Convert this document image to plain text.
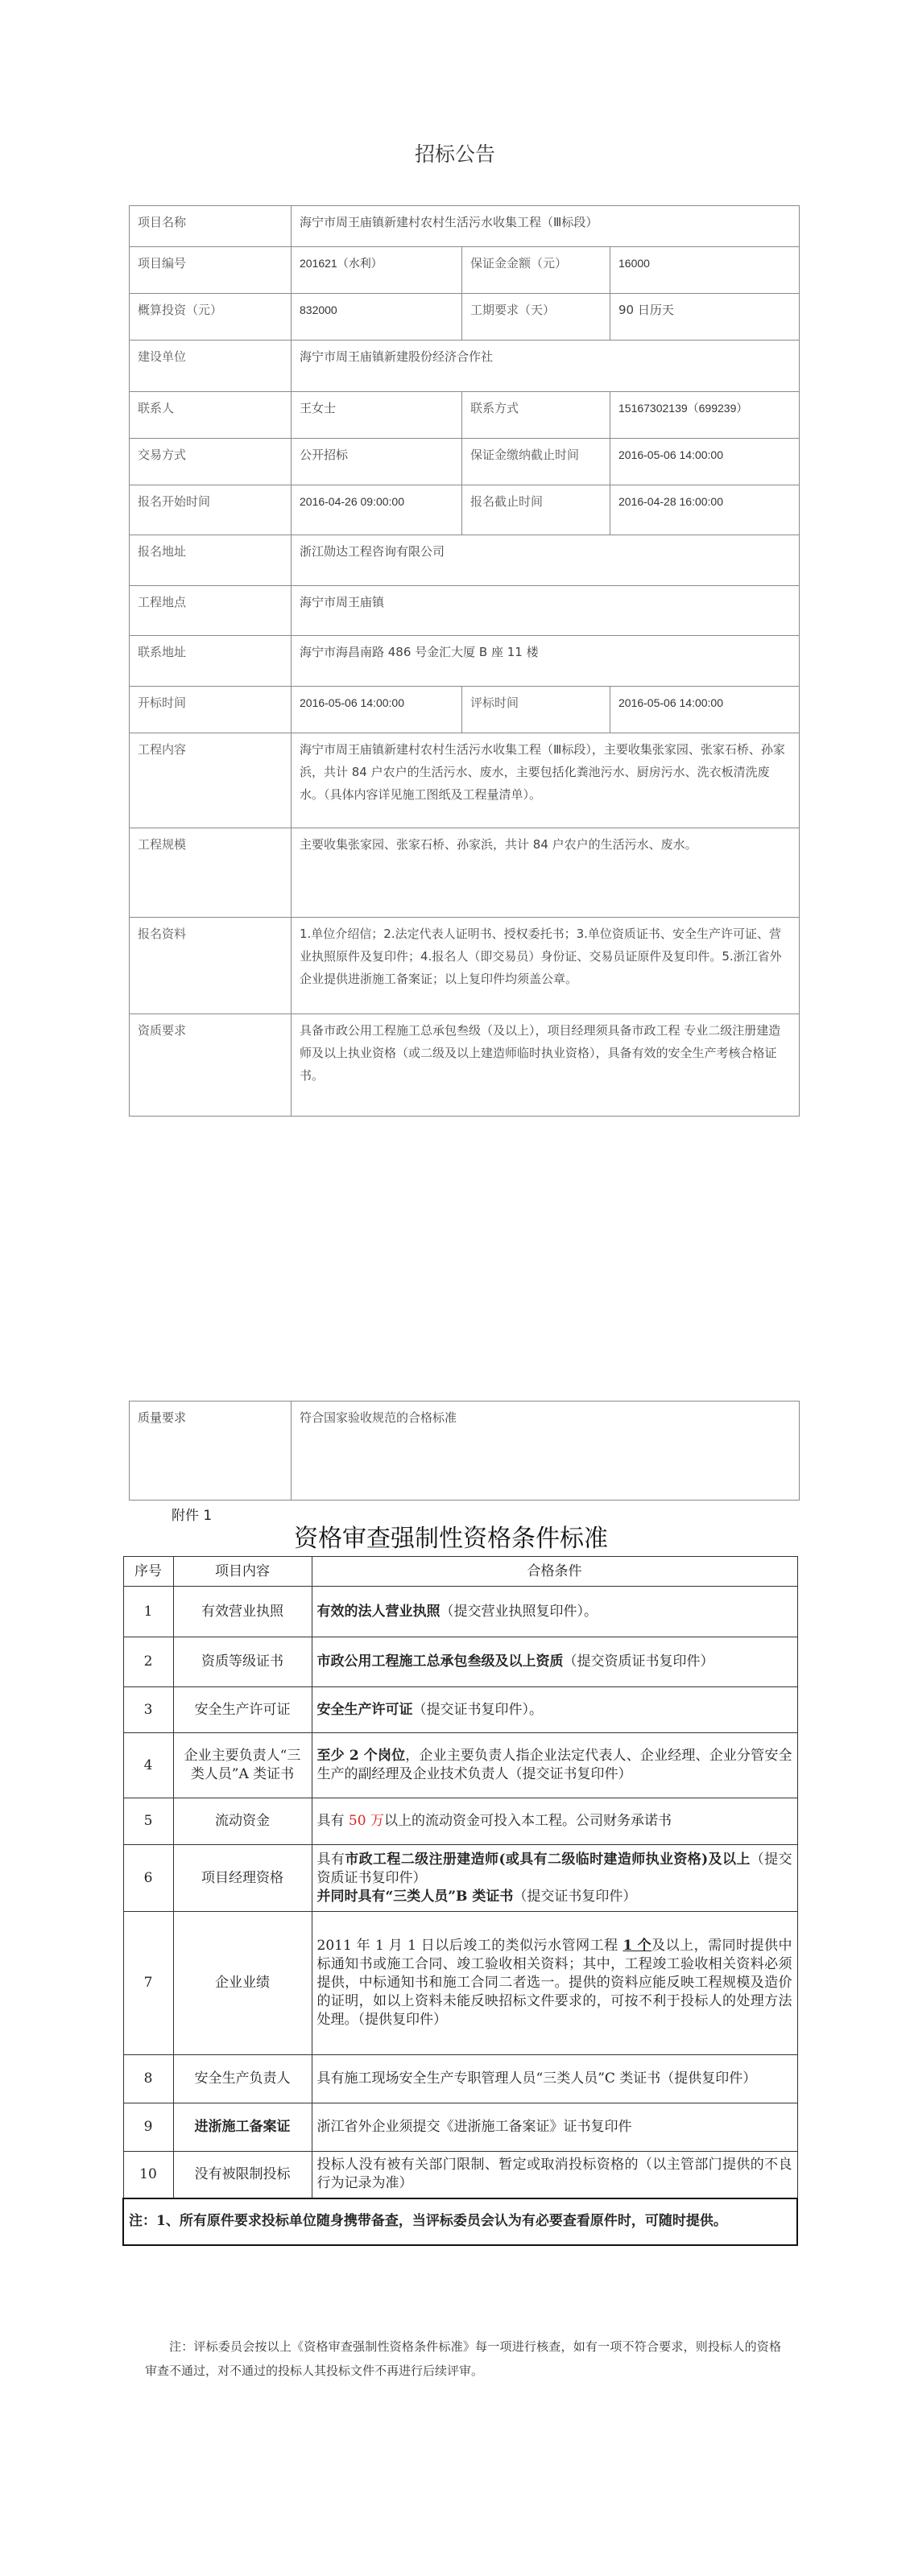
招标公告
项目名称	海宁市周王庙镇新建村农村生活污水收集工程（Ⅲ标段）		
项目编号	201621（水利）	保证金金额（元）	16000
概算投资（元）	832000	工期要求（天）	90 日历天
建设单位	海宁市周王庙镇新建股份经济合作社		
联系人	王女士	联系方式	15167302139（699239）
交易方式	公开招标	保证金缴纳截止时间	2016-05-06 14:00:00
报名开始时间	2016-04-26 09:00:00	报名截止时间	2016-04-28 16:00:00
报名地址	浙江勋达工程咨询有限公司		
工程地点	海宁市周王庙镇		
联系地址	海宁市海昌南路 486 号金汇大厦 B 座 11 楼		
开标时间	2016-05-06 14:00:00	评标时间	2016-05-06 14:00:00
工程内容	海宁市周王庙镇新建村农村生活污水收集工程（Ⅲ标段），主要收集张家园、张家石桥、孙家浜，共计 84 户农户的生活污水、废水，主要包括化粪池污水、厨房污水、洗衣板清洗废水。（具体内容详见施工图纸及工程量清单）。		
工程规模	主要收集张家园、张家石桥、孙家浜，共计 84 户农户的生活污水、废水。		
报名资料	1.单位介绍信；2.法定代表人证明书、授权委托书；3.单位资质证书、安全生产许可证、营业执照原件及复印件；4.报名人（即交易员）身份证、交易员证原件及复印件。5.浙江省外企业提供进浙施工备案证；以上复印件均须盖公章。		
资质要求	具备市政公用工程施工总承包叁级（及以上），项目经理须具备市政工程 专业二级注册建造师及以上执业资格（或二级及以上建造师临时执业资格），具备有效的安全生产考核合格证书。		
质量要求	符合国家验收规范的合格标准
附件 1
资格审查强制性资格条件标准
序号	项目内容	合格条件
1	有效营业执照	有效的法人营业执照（提交营业执照复印件）。
2	资质等级证书	市政公用工程施工总承包叁级及以上资质（提交资质证书复印件）
3	安全生产许可证	安全生产许可证（提交证书复印件）。
4	企业主要负责人“三类人员”A 类证书	至少 2 个岗位，企业主要负责人指企业法定代表人、企业经理、企业分管安全生产的副经理及企业技术负责人（提交证书复印件）
5	流动资金	具有 50 万以上的流动资金可投入本工程。公司财务承诺书
6	项目经理资格	具有市政工程二级注册建造师(或具有二级临时建造师执业资格)及以上（提交资质证书复印件）
并同时具有“三类人员”B 类证书（提交证书复印件）
7	企业业绩	2011 年 1 月 1 日以后竣工的类似污水管网工程 1 个及以上，需同时提供中标通知书或施工合同、竣工验收相关资料；其中，工程竣工验收相关资料必须提供，中标通知书和施工合同二者选一。提供的资料应能反映工程规模及造价的证明，如以上资料未能反映招标文件要求的，可按不利于投标人的处理方法处理。（提供复印件）
8	安全生产负责人	具有施工现场安全生产专职管理人员“三类人员”C 类证书（提供复印件）
9	进浙施工备案证	浙江省外企业须提交《进浙施工备案证》证书复印件
10	没有被限制投标	投标人没有被有关部门限制、暂定或取消投标资格的（以主管部门提供的不良行为记录为准）
注：1、所有原件要求投标单位随身携带备查，当评标委员会认为有必要查看原件时，可随时提供。		
注：评标委员会按以上《资格审查强制性资格条件标准》每一项进行核查，如有一项不符合要求，则投标人的资格审查不通过，对不通过的投标人其投标文件不再进行后续评审。
